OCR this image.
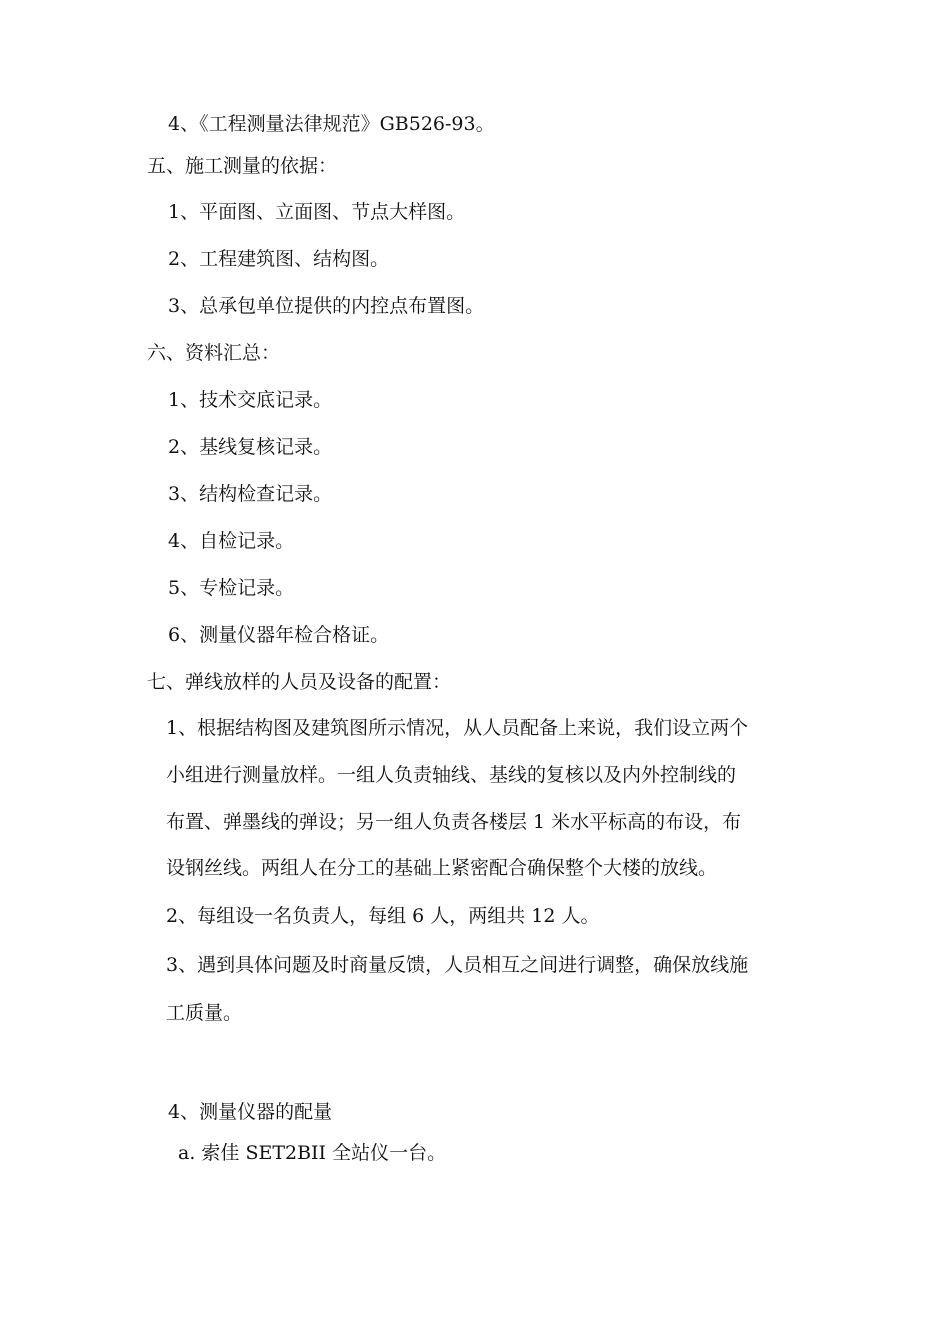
4、《工程测量法律规范》GB526-93。
五、施工测量的依据：
1、平面图、立面图、节点大样图。
2、工程建筑图、结构图。
3、总承包单位提供的内控点布置图。
六、资料汇总：
1、技术交底记录。
2、基线复核记录。
3、结构检查记录。
4、自检记录。
5、专检记录。
6、测量仪器年检合格证。
七、弹线放样的人员及设备的配置：
1、根据结构图及建筑图所示情况，从人员配备上来说，我们设立两个
小组进行测量放样。一组人负责轴线、基线的复核以及内外控制线的
布置、弹墨线的弹设；另一组人负责各楼层 1 米水平标高的布设，布
设钢丝线。两组人在分工的基础上紧密配合确保整个大楼的放线。
2、每组设一名负责人，每组 6 人，两组共 12 人。
3、遇到具体问题及时商量反馈，人员相互之间进行调整，确保放线施
工质量。
4、测量仪器的配量
a. 索佳 SET2BII 全站仪一台。
